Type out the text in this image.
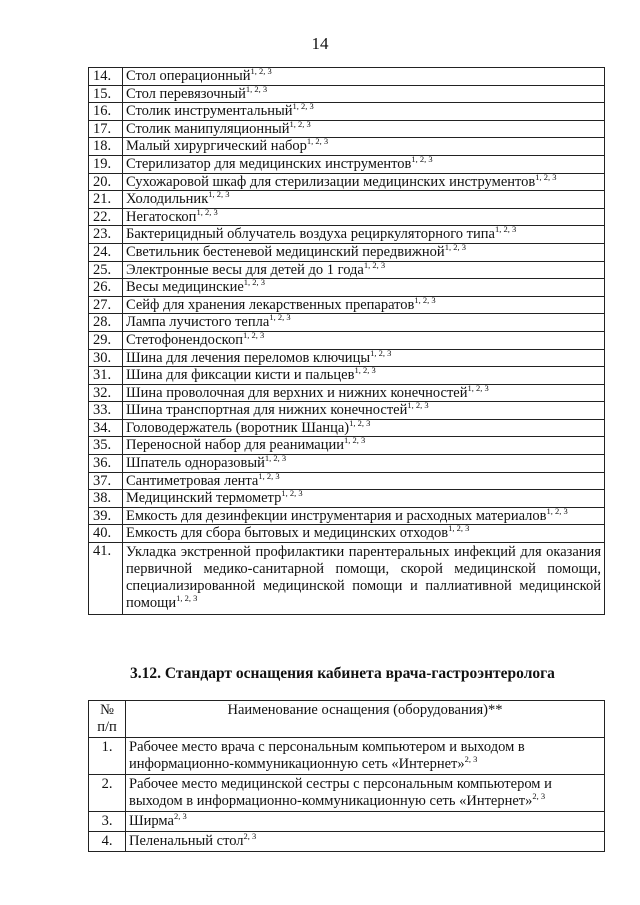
14
14.	Стол операционный$^{1, 2, 3}$
15.	Стол перевязочный$^{1, 2, 3}$
16.	Столик инструментальный$^{1, 2, 3}$
17.	Столик манипуляционный$^{1, 2, 3}$
18.	Малый хирургический набор$^{1, 2, 3}$
19.	Стерилизатор для медицинских инструментов$^{1, 2, 3}$
20.	Сухожаровой шкаф для стерилизации медицинских инструментов$^{1, 2, 3}$
21.	Холодильник$^{1, 2, 3}$
22.	Негатоскоп$^{1, 2, 3}$
23.	Бактерицидный облучатель воздуха рециркуляторного типа$^{1, 2, 3}$
24.	Светильник бестеневой медицинский передвижной$^{1, 2, 3}$
25.	Электронные весы для детей до 1 года$^{1, 2, 3}$
26.	Весы медицинские$^{1, 2, 3}$
27.	Сейф для хранения лекарственных препаратов$^{1, 2, 3}$
28.	Лампа лучистого тепла$^{1, 2, 3}$
29.	Стетофонендоскоп$^{1, 2, 3}$
30.	Шина для лечения переломов ключицы$^{1, 2, 3}$
31.	Шина для фиксации кисти и пальцев$^{1, 2, 3}$
32.	Шина проволочная для верхних и нижних конечностей$^{1, 2, 3}$
33.	Шина транспортная для нижних конечностей$^{1, 2, 3}$
34.	Головодержатель (воротник Шанца)$^{1, 2, 3}$
35.	Переносной набор для реанимации$^{1, 2, 3}$
36.	Шпатель одноразовый$^{1, 2, 3}$
37.	Сантиметровая лента$^{1, 2, 3}$
38.	Медицинский термометр$^{1, 2, 3}$
39.	Емкость для дезинфекции инструментария и расходных материалов$^{1, 2, 3}$
40.	Емкость для сбора бытовых и медицинских отходов$^{1, 2, 3}$
41.	Укладка экстренной профилактики парентеральных инфекций для оказания первичной медико-санитарной помощи, скорой медицинской помощи, специализированной медицинской помощи и паллиативной медицинской помощи$^{1, 2, 3}$
3.12. Стандарт оснащения кабинета врача-гастроэнтеролога
№
п/п	Наименование оснащения (оборудования)**
1.	Рабочее место врача с персональным компьютером и выходом в информационно-коммуникационную сеть «Интернет»$^{2, 3}$
2.	Рабочее место медицинской сестры с персональным компьютером и выходом в информационно-коммуникационную сеть «Интернет»$^{2, 3}$
3.	Ширма$^{2, 3}$
4.	Пеленальный стол$^{2, 3}$
